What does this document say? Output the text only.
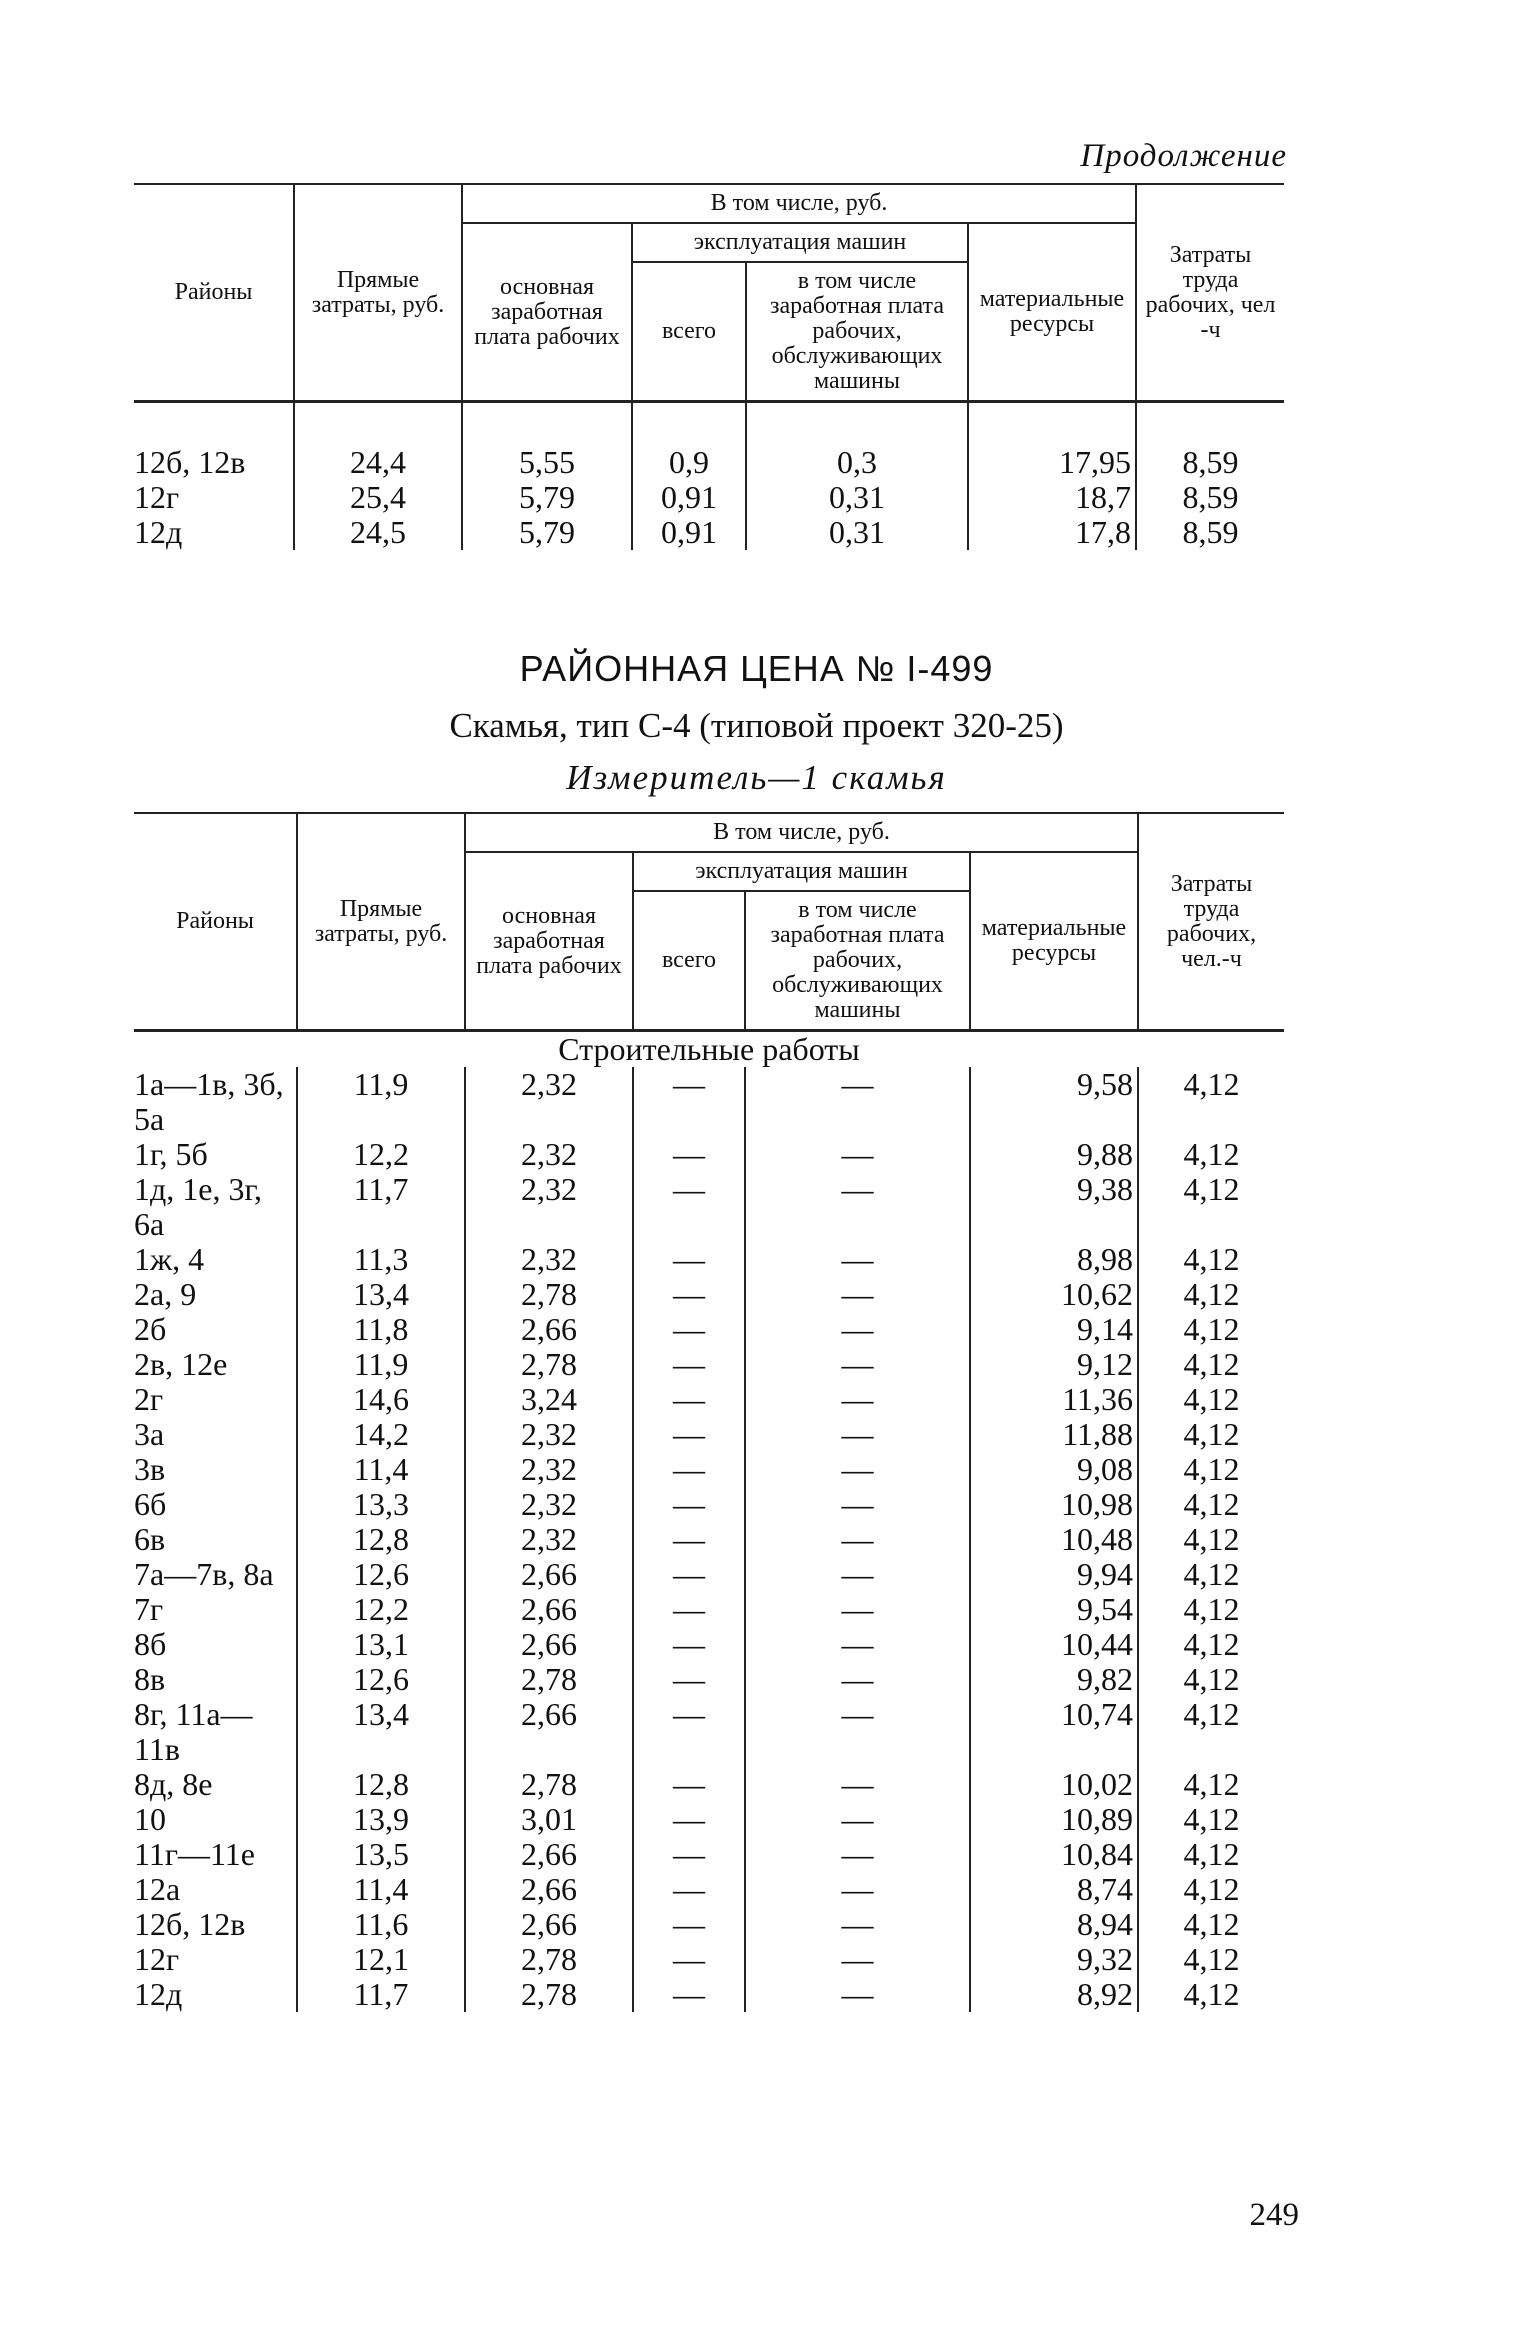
Продолжение
Районы	Прямые затраты, руб.	В том числе, руб.				Затраты труда рабочих, чел -ч
		основная заработная плата рабочих	эксплуатация машин		материальные ресурсы	
			всего	в том числе заработная плата рабочих, обслуживающих машины		

12б, 12в	24,4	5,55	0,9	0,3	17,95	8,59
12г	25,4	5,79	0,91	0,31	18,7	8,59
12д	24,5	5,79	0,91	0,31	17,8	8,59
РАЙОННАЯ ЦЕНА № I-499
Скамья, тип С-4 (типовой проект 320-25)
Измеритель—1 скамья
Районы	Прямые затраты, руб.	В том числе, руб.				Затраты труда рабочих, чел.-ч
		основная заработная плата рабочих	эксплуатация машин		материальные ресурсы	
			всего	в том числе заработная плата рабочих, обслуживающих машины		
Строительные работы						
1а—1в, 3б, 5а	11,9	2,32	—	—	9,58	4,12
1г, 5б	12,2	2,32	—	—	9,88	4,12
1д, 1е, 3г, 6а	11,7	2,32	—	—	9,38	4,12
1ж, 4	11,3	2,32	—	—	8,98	4,12
2а, 9	13,4	2,78	—	—	10,62	4,12
2б	11,8	2,66	—	—	9,14	4,12
2в, 12е	11,9	2,78	—	—	9,12	4,12
2г	14,6	3,24	—	—	11,36	4,12
3а	14,2	2,32	—	—	11,88	4,12
3в	11,4	2,32	—	—	9,08	4,12
6б	13,3	2,32	—	—	10,98	4,12
6в	12,8	2,32	—	—	10,48	4,12
7а—7в, 8а	12,6	2,66	—	—	9,94	4,12
7г	12,2	2,66	—	—	9,54	4,12
8б	13,1	2,66	—	—	10,44	4,12
8в	12,6	2,78	—	—	9,82	4,12
8г, 11а—11в	13,4	2,66	—	—	10,74	4,12
8д, 8е	12,8	2,78	—	—	10,02	4,12
10	13,9	3,01	—	—	10,89	4,12
11г—11е	13,5	2,66	—	—	10,84	4,12
12а	11,4	2,66	—	—	8,74	4,12
12б, 12в	11,6	2,66	—	—	8,94	4,12
12г	12,1	2,78	—	—	9,32	4,12
12д	11,7	2,78	—	—	8,92	4,12
249
